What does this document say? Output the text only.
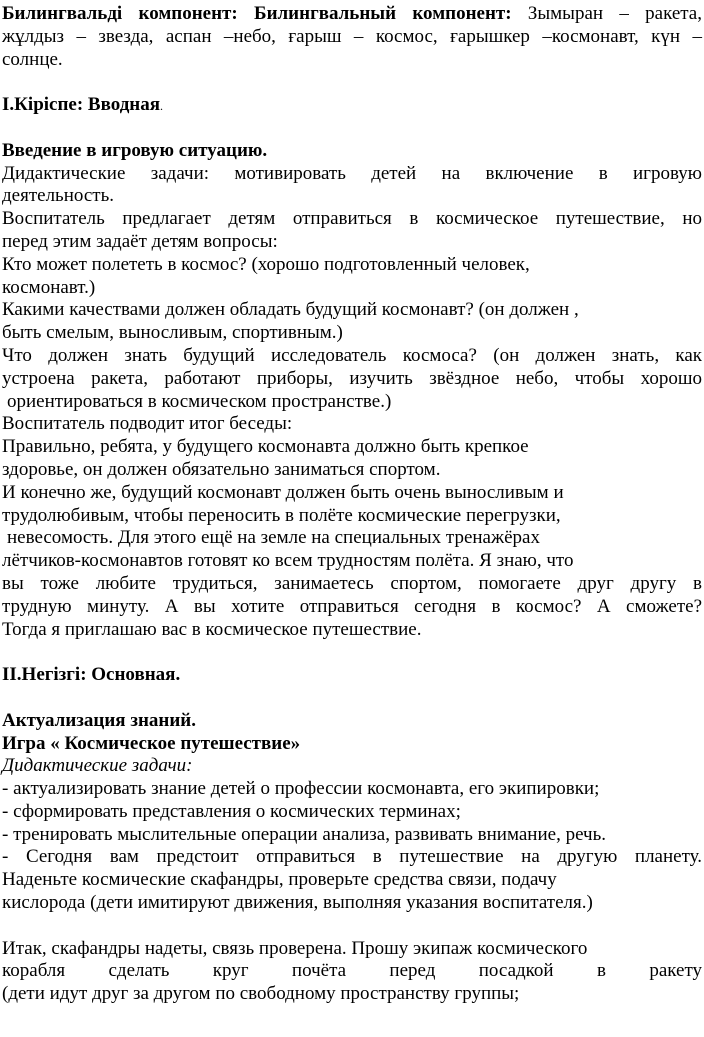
Билингвальді компонент: Билингвальный компонент: Зымыран – ракета,
жұлдыз – звезда, аспан –небо, ғарыш – космос, ғарышкер –космонавт, күн –
солнце.
I.Кіріспе: Вводная.
Введение в игровую ситуацию.
Дидактические задачи: мотивировать детей на включение в игровую
деятельность.
Воспитатель предлагает детям отправиться в космическое путешествие, но
перед этим задаёт детям вопросы:
Кто может полететь в космос? (хорошо подготовленный человек,
космонавт.)
Какими качествами должен обладать будущий космонавт? (он должен ,
быть смелым, выносливым, спортивным.)
Что должен знать будущий исследователь космоса? (он должен знать, как
устроена ракета, работают приборы, изучить звёздное небо, чтобы хорошо
ориентироваться в космическом пространстве.)
Воспитатель подводит итог беседы:
Правильно, ребята, у будущего космонавта должно быть крепкое
здоровье, он должен обязательно заниматься спортом.
И конечно же, будущий космонавт должен быть очень выносливым и
трудолюбивым, чтобы переносить в полёте космические перегрузки,
невесомость. Для этого ещё на земле на специальных тренажёрах
лётчиков-космонавтов готовят ко всем трудностям полёта. Я знаю, что
вы тоже любите трудиться, занимаетесь спортом, помогаете друг другу в
трудную минуту. А вы хотите отправиться сегодня в космос? А сможете?
Тогда я приглашаю вас в космическое путешествие.
II.Негізгі: Основная.
Актуализация знаний.
Игра « Космическое путешествие»
Дидактические задачи:
- актуализировать знание детей о профессии космонавта, его экипировки;
- сформировать представления о космических терминах;
- тренировать мыслительные операции анализа, развивать внимание, речь.
- Сегодня вам предстоит отправиться в путешествие на другую планету.
Наденьте космические скафандры, проверьте средства связи, подачу
кислорода (дети имитируют движения, выполняя указания воспитателя.)
Итак, скафандры надеты, связь проверена. Прошу экипаж космического
корабля сделать круг почёта перед посадкой в ракету
(дети идут друг за другом по свободному пространству группы;
